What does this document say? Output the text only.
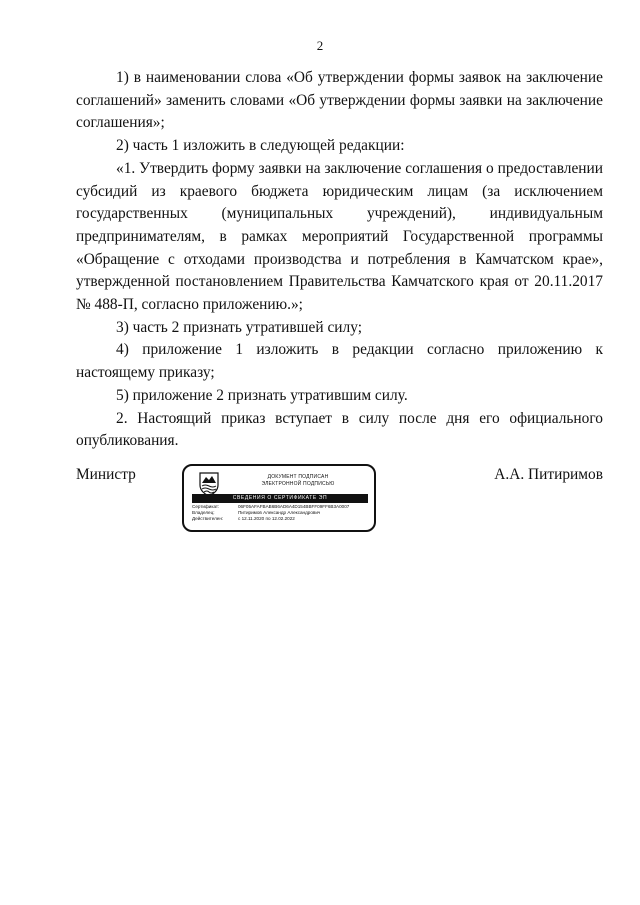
2

1) в наименовании слова «Об утверждении формы заявок на заключение соглашений» заменить словами «Об утверждении формы заявки на заключение соглашения»;

2) часть 1 изложить в следующей редакции:

«1. Утвердить форму заявки на заключение соглашения о предоставлении субсидий из краевого бюджета юридическим лицам (за исключением государственных (муниципальных учреждений), индивидуальным предпринимателям, в рамках мероприятий Государственной программы «Обращение с отходами производства и потребления в Камчатском крае», утвержденной постановлением Правительства Камчатского края от 20.11.2017 № 488-П, согласно приложению.»;

3) часть 2 признать утратившей силу;

4) приложение 1 изложить в редакции согласно приложению к настоящему приказу;

5) приложение 2 признать утратившим силу.

2. Настоящий приказ вступает в силу после дня его официального опубликования.

Министр	ДОКУМЕНТ ПОДПИСАН
ЭЛЕКТРОННОЙ ПОДПИСЬЮ
СВЕДЕНИЯ О СЕРТИФИКАТЕ ЭП
Сертификат:	06F05AFAFBAB6B6AD6A4D154BBFF09FF6B3A0007
Владелец:	Питиримов Александр Александрович
Действителен:	с 12.11.2020 по 12.02.2022
А.А. Питиримов
